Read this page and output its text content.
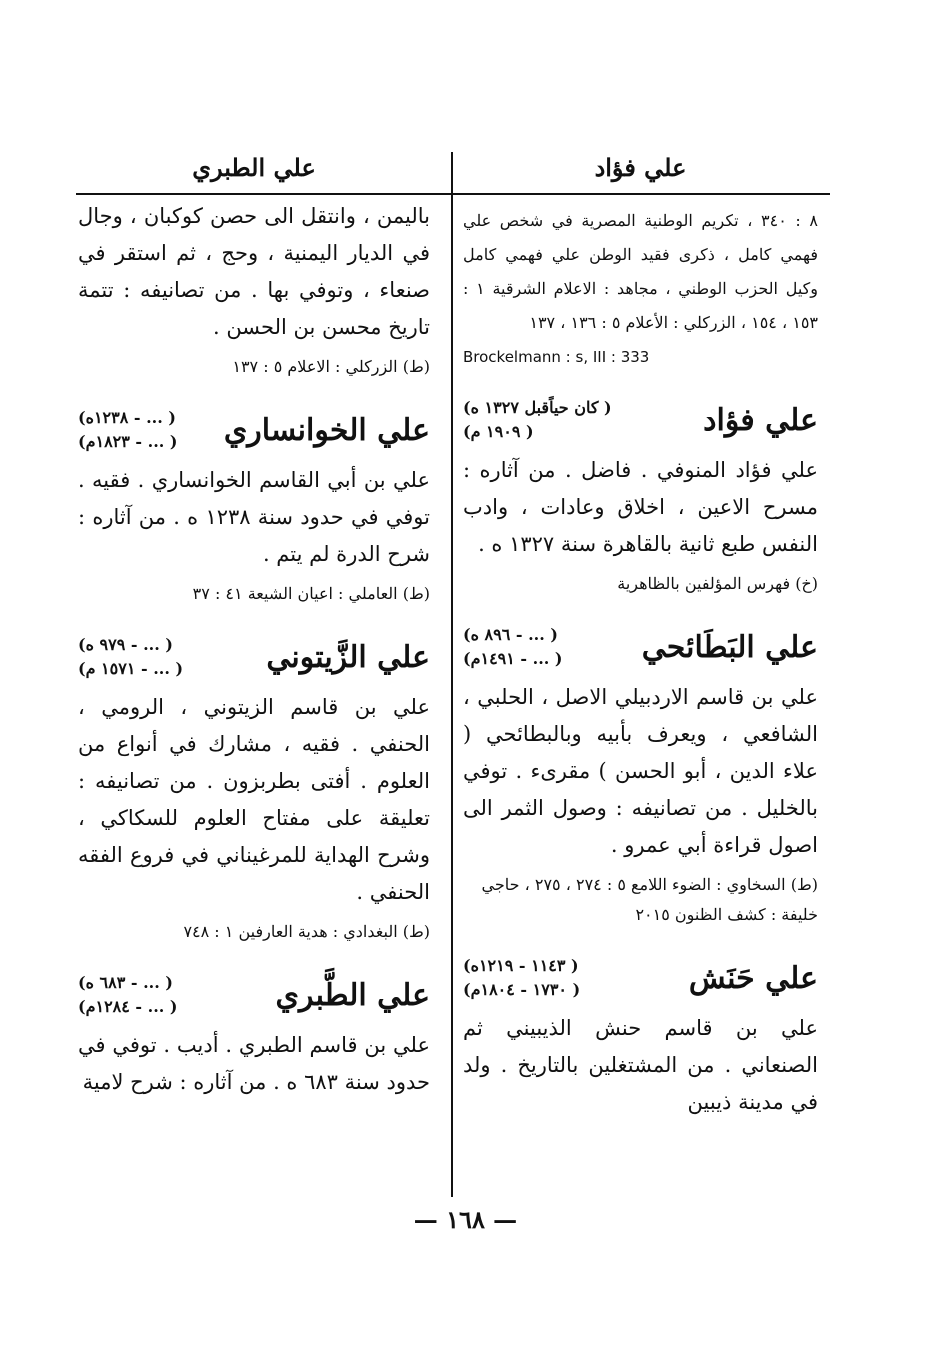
علي فؤاد

٨ : ٣٤٠ ، تكريم الوطنية المصرية في شخص علي فهمي كامل ، ذكرى فقيد الوطن علي فهمي كامل وكيل الحزب الوطني ، مجاهد : الاعلام الشرقية ١ : ١٥٣ ، ١٥٤ ، الزركلي : الأعلام ٥ : ١٣٦ ، ١٣٧

Brockelmann : s, III : 333

علي فؤاد
( كان حياًقبل ١٣٢٧ ه)
( ١٩٠٩ م)

علي فؤاد المنوفي . فاضل . من آثاره : مسرح الاعين ، اخلاق وعادات ، وادب النفس طبع ثانية بالقاهرة سنة ١٣٢٧ ه .

(خ) فهرس المؤلفين بالظاهرية

علي البَطَائحي
( ... - ٨٩٦ ه)
( ... - ١٤٩١م)

علي بن قاسم الاردبيلي الاصل ، الحلبي ، الشافعي ، ويعرف بأبيه وبالبطائحي ( علاء الدين ، أبو الحسن ) مقرىء . توفي بالخليل . من تصانيفه : وصول الثمر الى اصول قراءة أبي عمرو .

(ط) السخاوي : الضوء اللامع ٥ : ٢٧٤ ، ٢٧٥ ، حاجي خليفة : كشف الظنون ٢٠١٥

علي حَنَش
( ١١٤٣ - ١٢١٩ه)
( ١٧٣٠ - ١٨٠٤م)

علي بن قاسم حنش الذيبيني ثم الصنعاني . من المشتغلين بالتاريخ . ولد في مدينة ذيبين

علي الطبري

باليمن ، وانتقل الى حصن كوكبان ، وجال في الديار اليمنية ، وحج ، ثم استقر في صنعاء ، وتوفي بها . من تصانيفه : تتمة تاريخ محسن بن الحسن .

(ط) الزركلي : الاعلام ٥ : ١٣٧

علي الخوانساري
( ... - ١٢٣٨ه)
( ... - ١٨٢٣م)

علي بن أبي القاسم الخوانساري . فقيه . توفي في حدود سنة ١٢٣٨ ه . من آثاره : شرح الدرة لم يتم .

(ط) العاملي : اعيان الشيعة ٤١ : ٣٧

علي الزَّيتوني
( ... - ٩٧٩ ه)
( ... - ١٥٧١ م)

علي بن قاسم الزيتوني ، الرومي ، الحنفي . فقيه ، مشارك في أنواع من العلوم . أفتى بطربزون . من تصانيفه : تعليقة على مفتاح العلوم للسكاكي ، وشرح الهداية للمرغيناني في فروع الفقه الحنفي .

(ط) البغدادي : هدية العارفين ١ : ٧٤٨

علي الطَّبري
( ... - ٦٨٣ ه)
( ... - ١٢٨٤م)

علي بن قاسم الطبري . أديب . توفي في حدود سنة ٦٨٣ ه . من آثاره : شرح لامية

— ١٦٨ —
